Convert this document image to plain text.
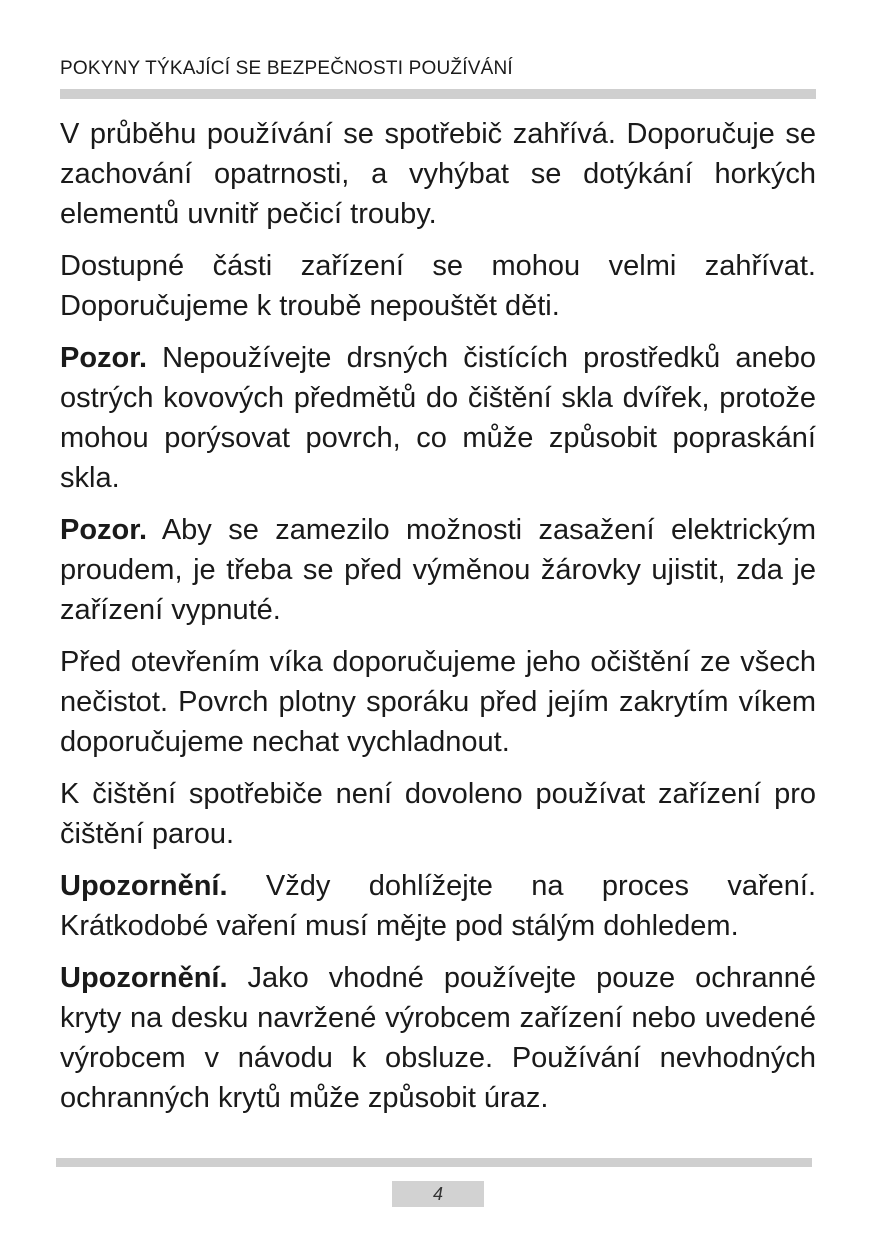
POKYNY TÝKAJÍCÍ SE BEZPEČNOSTI POUŽÍVÁNÍ

V průběhu používání se spotřebič zahřívá. Doporučuje se zachování opatrnosti, a vyhýbat se dotýkání horkých elementů uvnitř pečicí trouby.

Dostupné části zařízení se mohou velmi zahřívat. Doporučujeme k troubě nepouštět děti.

Pozor. Nepoužívejte drsných čistících prostředků anebo ostrých kovových předmětů do čištění skla dvířek, protože mohou porýsovat povrch, co může způsobit popraskání skla.

Pozor. Aby se zamezilo možnosti zasažení elektrickým proudem, je třeba se před výměnou žárovky ujistit, zda je zařízení vypnuté.

Před otevřením víka doporučujeme jeho očištění ze všech nečistot. Povrch plotny sporáku před jejím zakrytím víkem doporučujeme nechat vychladnout.

K čištění spotřebiče není dovoleno používat zařízení pro čištění parou.

Upozornění. Vždy dohlížejte na proces vaření. Krátkodobé vaření musí mějte pod stálým dohledem.

Upozornění. Jako vhodné používejte pouze ochranné kryty na desku navržené výrobcem zařízení nebo uvedené výrobcem v návodu k obsluze. Používání nevhodných ochranných krytů může způsobit úraz.

4
